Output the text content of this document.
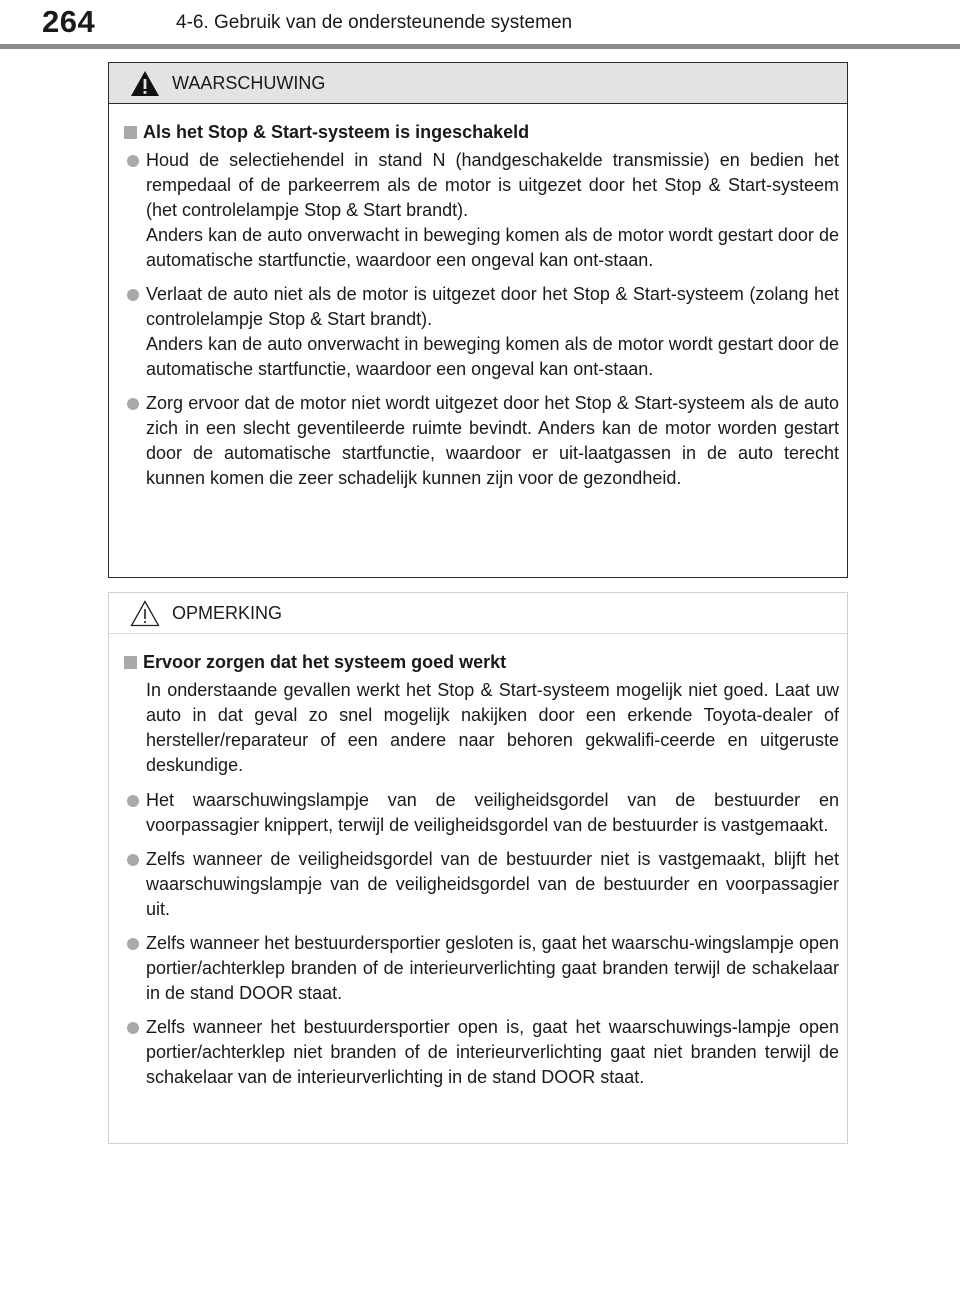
264	4-6. Gebruik van de ondersteunende systemen
WAARSCHUWING
Als het Stop & Start-systeem is ingeschakeld
Houd de selectiehendel in stand N (handgeschakelde transmissie) en bedien het rempedaal of de parkeerrem als de motor is uitgezet door het Stop & Start-systeem (het controlelampje Stop & Start brandt).
Anders kan de auto onverwacht in beweging komen als de motor wordt gestart door de automatische startfunctie, waardoor een ongeval kan ont-staan.
Verlaat de auto niet als de motor is uitgezet door het Stop & Start-systeem (zolang het controlelampje Stop & Start brandt).
Anders kan de auto onverwacht in beweging komen als de motor wordt gestart door de automatische startfunctie, waardoor een ongeval kan ont-staan.
Zorg ervoor dat de motor niet wordt uitgezet door het Stop & Start-systeem als de auto zich in een slecht geventileerde ruimte bevindt. Anders kan de motor worden gestart door de automatische startfunctie, waardoor er uit-laatgassen in de auto terecht kunnen komen die zeer schadelijk kunnen zijn voor de gezondheid.
OPMERKING
Ervoor zorgen dat het systeem goed werkt
In onderstaande gevallen werkt het Stop & Start-systeem mogelijk niet goed. Laat uw auto in dat geval zo snel mogelijk nakijken door een erkende Toyota-dealer of hersteller/reparateur of een andere naar behoren gekwalifi-ceerde en uitgeruste deskundige.
Het waarschuwingslampje van de veiligheidsgordel van de bestuurder en voorpassagier knippert, terwijl de veiligheidsgordel van de bestuurder is vastgemaakt.
Zelfs wanneer de veiligheidsgordel van de bestuurder niet is vastgemaakt, blijft het waarschuwingslampje van de veiligheidsgordel van de bestuurder en voorpassagier uit.
Zelfs wanneer het bestuurdersportier gesloten is, gaat het waarschu-wingslampje open portier/achterklep branden of de interieurverlichting gaat branden terwijl de schakelaar in de stand DOOR staat.
Zelfs wanneer het bestuurdersportier open is, gaat het waarschuwings-lampje open portier/achterklep niet branden of de interieurverlichting gaat niet branden terwijl de schakelaar van de interieurverlichting in de stand DOOR staat.
